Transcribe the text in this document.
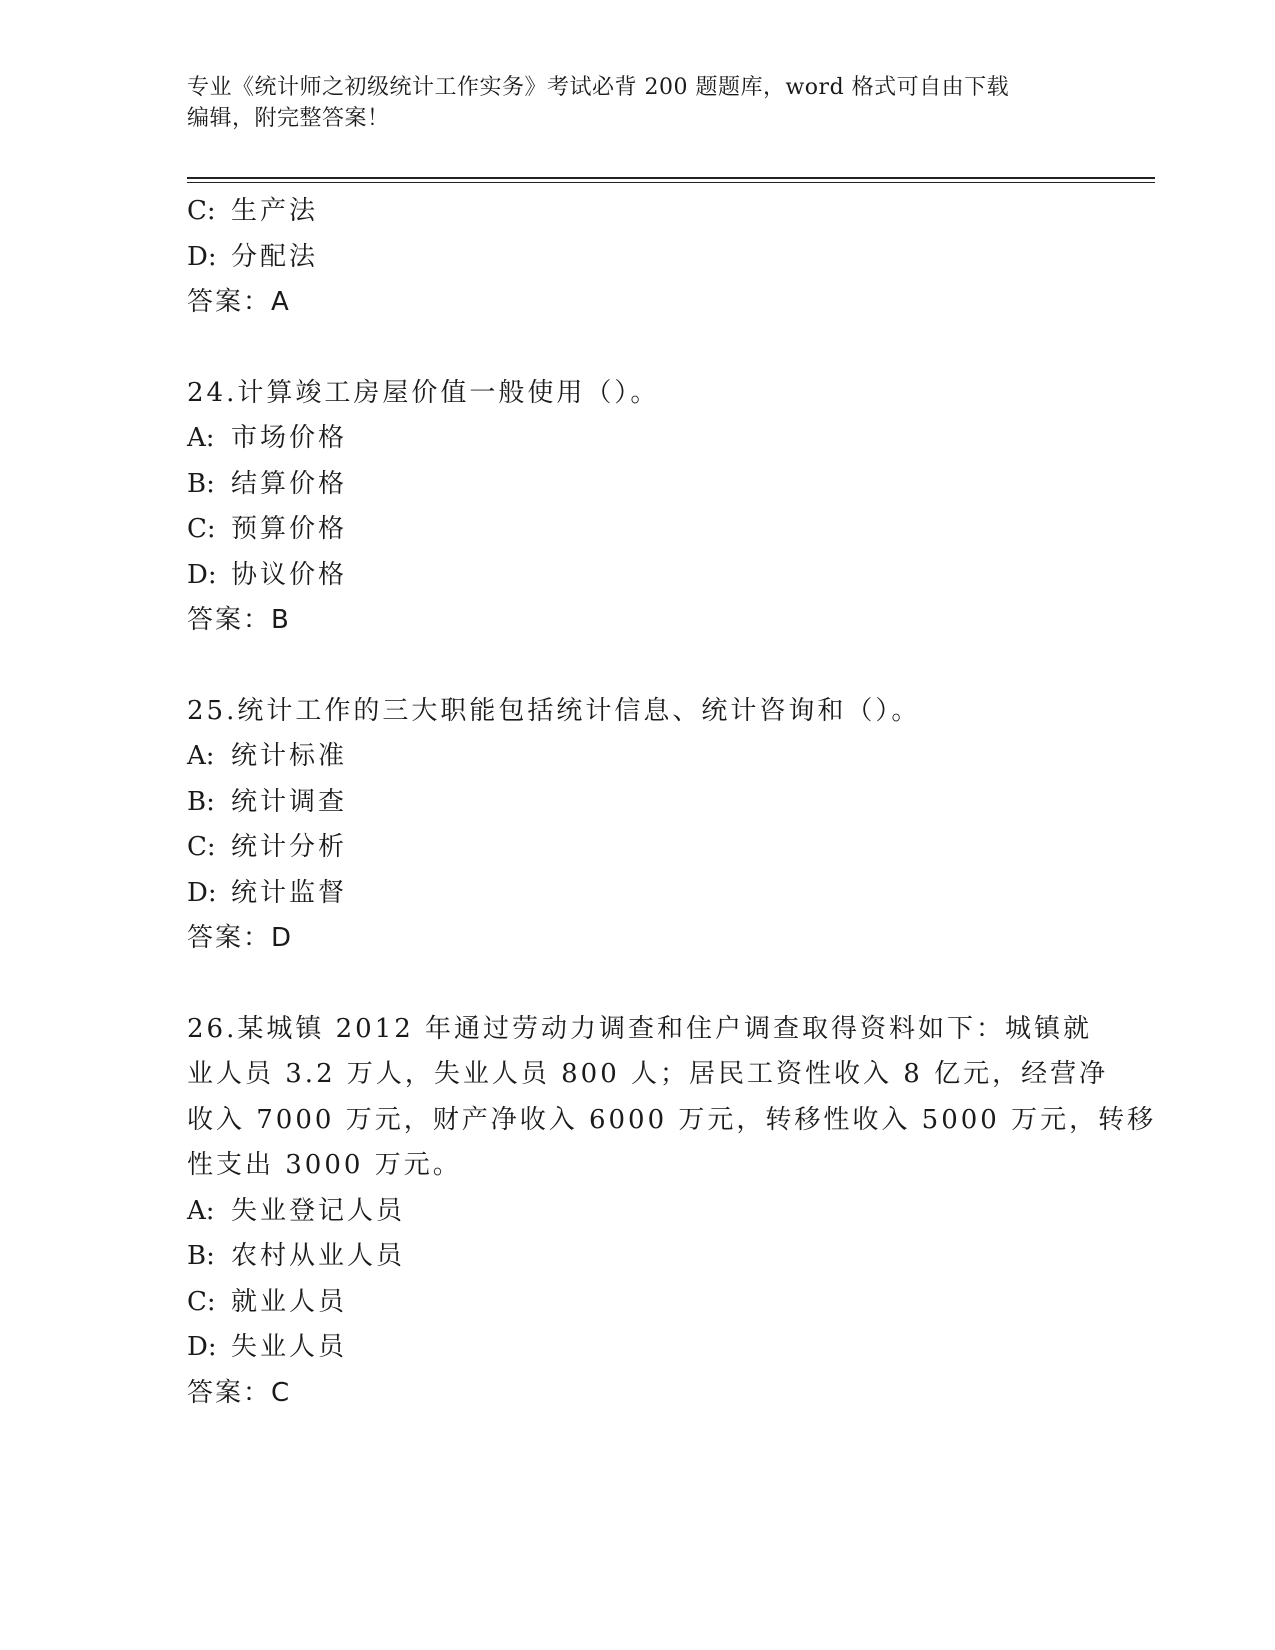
专业《统计师之初级统计工作实务》考试必背 200 题题库，word 格式可自由下载
编辑，附完整答案！
C: 生产法
D: 分配法
答案：A
24.计算竣工房屋价值一般使用（）。
A: 市场价格
B: 结算价格
C: 预算价格
D: 协议价格
答案：B
25.统计工作的三大职能包括统计信息、统计咨询和（）。
A: 统计标准
B: 统计调查
C: 统计分析
D: 统计监督
答案：D
26.某城镇 2012 年通过劳动力调查和住户调查取得资料如下：城镇就
业人员 3.2 万人，失业人员 800 人；居民工资性收入 8 亿元，经营净
收入 7000 万元，财产净收入 6000 万元，转移性收入 5000 万元，转移
性支出 3000 万元。
A: 失业登记人员
B: 农村从业人员
C: 就业人员
D: 失业人员
答案：C
